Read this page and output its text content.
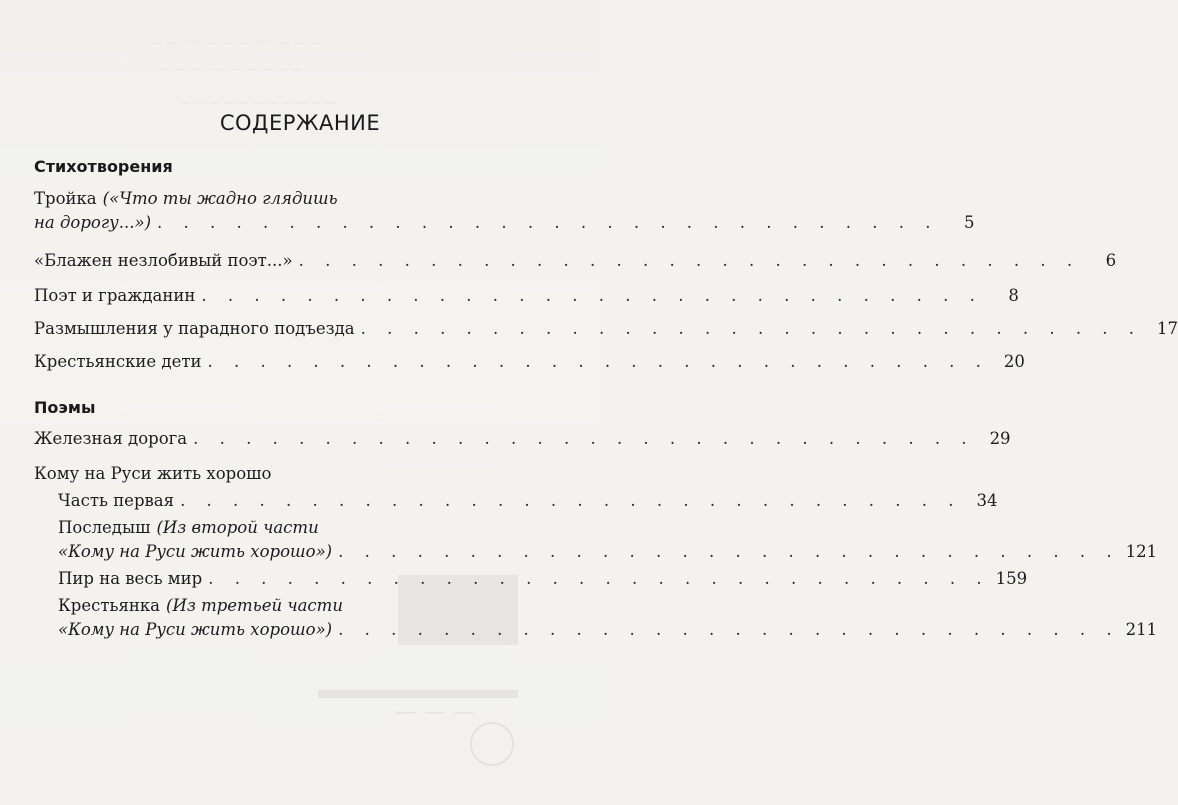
— — — — — — — — — — — —
— — — — — — — — — —
— — — — — — — — — — —
— — —
СОДЕРЖАНИЕ
Стихотворения
Тройка («Что ты жадно глядишь
на дорогу...») . . . . . . . . . . . . . . . . . . . . . . . . . . . . . .	5
«Блажен незлобивый поэт...» . . . . . . . . . . . . . . . . . . . . . . . . . . . . . .	6
Поэт и гражданин . . . . . . . . . . . . . . . . . . . . . . . . . . . . . .	8
Размышления у парадного подъезда . . . . . . . . . . . . . . . . . . . . . . . . . . . . . . 17
Крестьянские дети . . . . . . . . . . . . . . . . . . . . . . . . . . . . . . 20
Поэмы
Железная дорога . . . . . . . . . . . . . . . . . . . . . . . . . . . . . . 29
Кому на Руси жить хорошо
Часть первая . . . . . . . . . . . . . . . . . . . . . . . . . . . . . . 34
Последыш (Из второй части
«Кому на Руси жить хорошо») . . . . . . . . . . . . . . . . . . . . . . . . . . . . . . 121
Пир на весь мир . . . . . . . . . . . . . . . . . . . . . . . . . . . . . . 159
Крестьянка (Из третьей части
«Кому на Руси жить хорошо») . . . . . . . . . . . . . . . . . . . . . . . . . . . . . . 211
